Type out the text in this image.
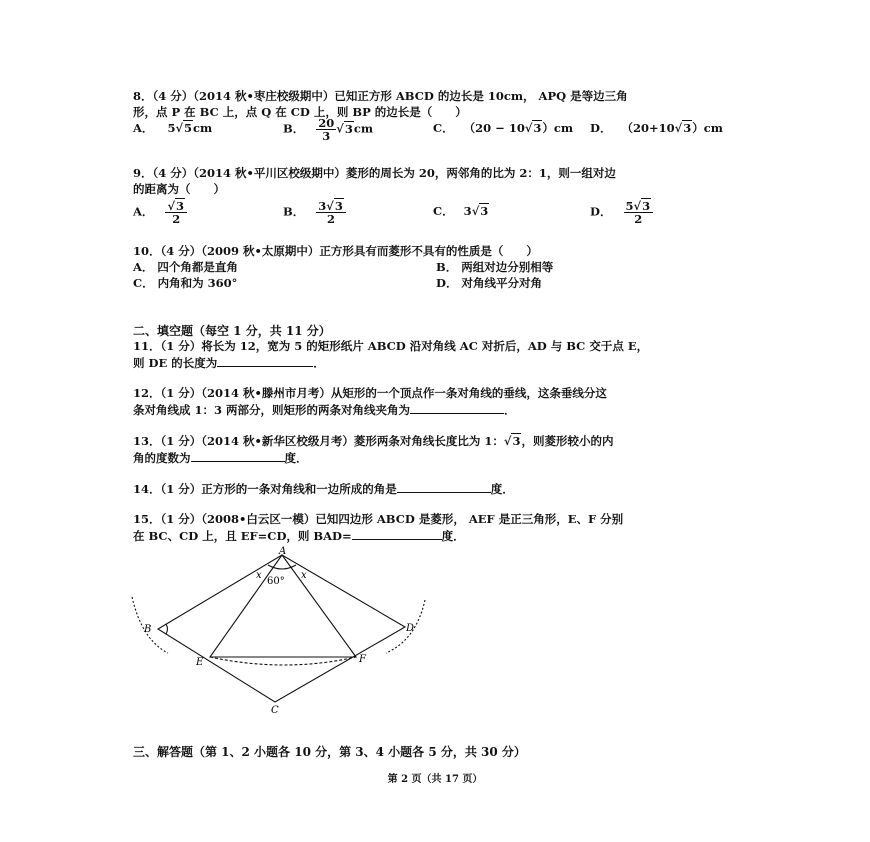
8．（4 分）（2014 秋•枣庄校级期中）已知正方形 ABCD 的边长是 10cm， APQ 是等边三角
形，点 P 在 BC 上，点 Q 在 CD 上，则 BP 的边长是（　　）
A． 5√5cm	B． $\frac{20}{3} √3cm$	C． （20 − 10√3）cm D． （20+10√3）cm
9．（4 分）（2014 秋•平川区校级期中）菱形的周长为 20，两邻角的比为 2：1，则一组对边
的距离为（　　）
A． $\frac{√3}{2}$	B． $\frac{3√3}{2}$	C． 3√3	D． $\frac{5√3}{2}$
10．（4 分）（2009 秋•太原期中）正方形具有而菱形不具有的性质是（　　）
A． 四个角都是直角	B． 两组对边分别相等
C． 内角和为 360°	D． 对角线平分对角
二、填空题（每空 1 分，共 11 分）
11．（1 分）将长为 12，宽为 5 的矩形纸片 ABCD 沿对角线 AC 对折后，AD 与 BC 交于点 E，
则 DE 的长度为	．
12．（1 分）（2014 秋•滕州市月考）从矩形的一个顶点作一条对角线的垂线，这条垂线分这
条对角线成 1：3 两部分，则矩形的两条对角线夹角为	．
13．（1 分）（2014 秋•新华区校级月考）菱形两条对角线长度比为 1：√3，则菱形较小的内
角的度数为	度．
14．（1 分）正方形的一条对角线和一边所成的角是	度．
15．（1 分）（2008•白云区一模）已知四边形 ABCD 是菱形， AEF 是正三角形，E、F 分别
在 BC、CD 上，且 EF=CD，则 BAD=	度．
A
B
C
D
E	F
x	x
60°
三、解答题（第 1、2 小题各 10 分，第 3、4 小题各 5 分，共 30 分）
第 2 页（共 17 页）
